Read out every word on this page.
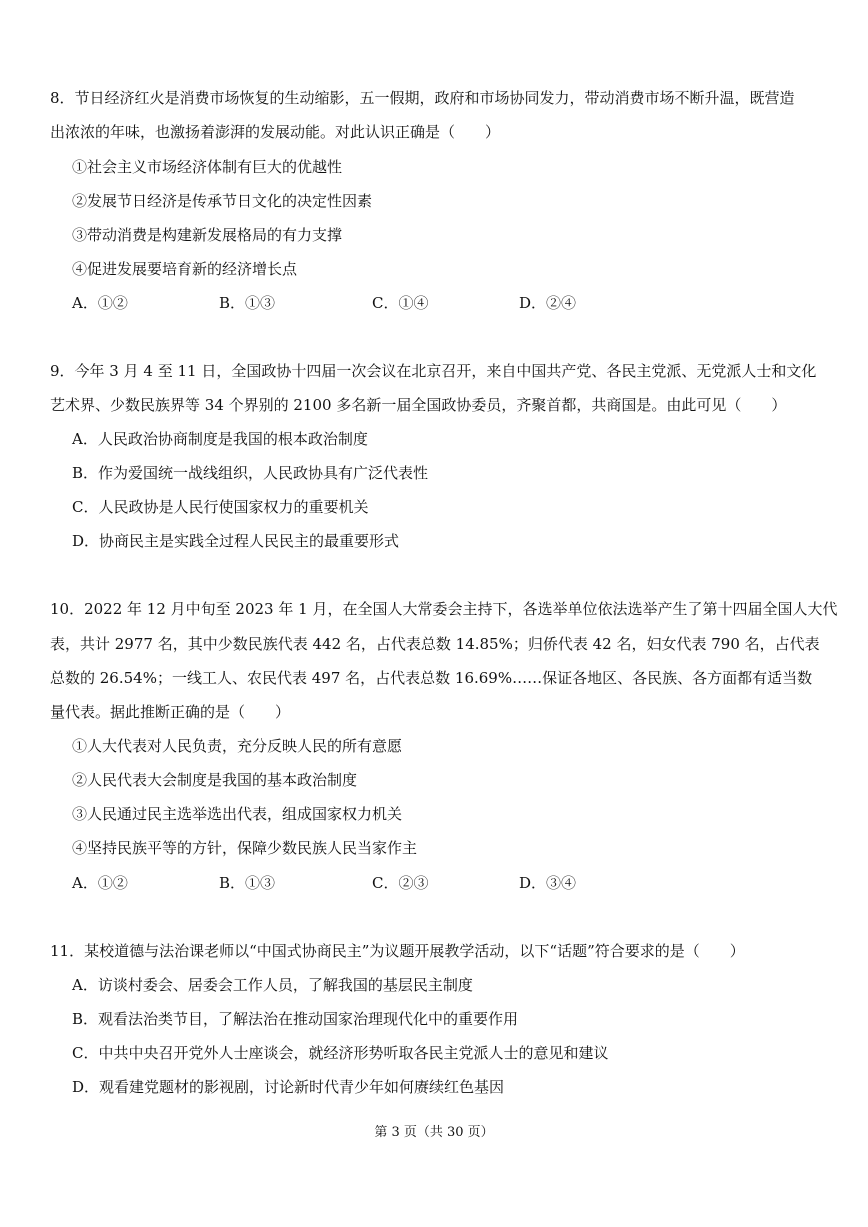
8．节日经济红火是消费市场恢复的生动缩影，五一假期，政府和市场协同发力，带动消费市场不断升温，既营造
出浓浓的年味，也激扬着澎湃的发展动能。对此认识正确是（　　）
①社会主义市场经济体制有巨大的优越性
②发展节日经济是传承节日文化的决定性因素
③带动消费是构建新发展格局的有力支撑
④促进发展要培育新的经济增长点
A．①②	B．①③	C．①④	D．②④
9．今年 3 月 4 至 11 日，全国政协十四届一次会议在北京召开，来自中国共产党、各民主党派、无党派人士和文化
艺术界、少数民族界等 34 个界别的 2100 多名新一届全国政协委员，齐聚首都，共商国是。由此可见（　　）
A．人民政治协商制度是我国的根本政治制度
B．作为爱国统一战线组织，人民政协具有广泛代表性
C．人民政协是人民行使国家权力的重要机关
D．协商民主是实践全过程人民民主的最重要形式
10．2022 年 12 月中旬至 2023 年 1 月，在全国人大常委会主持下，各选举单位依法选举产生了第十四届全国人大代
表，共计 2977 名，其中少数民族代表 442 名，占代表总数 14.85%；归侨代表 42 名，妇女代表 790 名，占代表
总数的 26.54%；一线工人、农民代表 497 名，占代表总数 16.69%……保证各地区、各民族、各方面都有适当数
量代表。据此推断正确的是（　　）
①人大代表对人民负责，充分反映人民的所有意愿
②人民代表大会制度是我国的基本政治制度
③人民通过民主选举选出代表，组成国家权力机关
④坚持民族平等的方针，保障少数民族人民当家作主
A．①②	B．①③	C．②③	D．③④
11．某校道德与法治课老师以“中国式协商民主”为议题开展教学活动，以下“话题”符合要求的是（　　）
A．访谈村委会、居委会工作人员，了解我国的基层民主制度
B．观看法治类节目，了解法治在推动国家治理现代化中的重要作用
C．中共中央召开党外人士座谈会，就经济形势听取各民主党派人士的意见和建议
D．观看建党题材的影视剧，讨论新时代青少年如何赓续红色基因
第 3 页（共 30 页）
